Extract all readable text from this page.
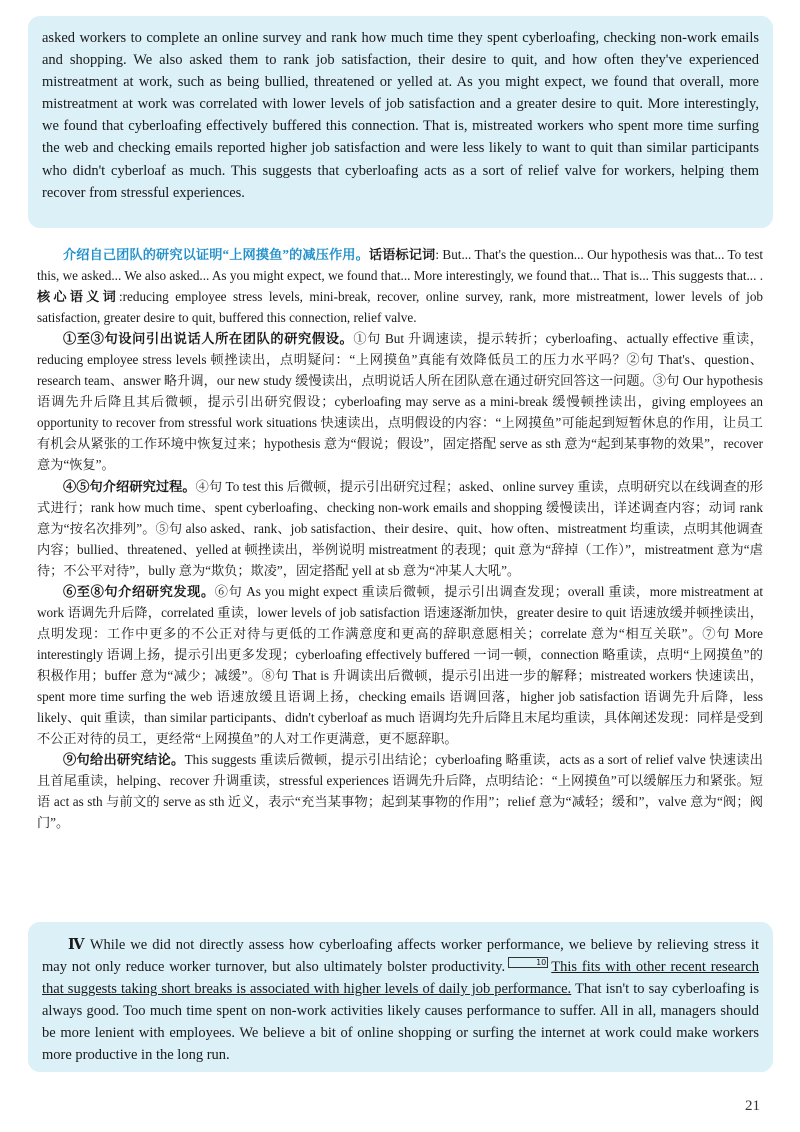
asked workers to complete an online survey and rank how much time they spent cyberloafing, checking non-work emails and shopping. We also asked them to rank job satisfaction, their desire to quit, and how often they've experienced mistreatment at work, such as being bullied, threatened or yelled at. As you might expect, we found that overall, more mistreatment at work was correlated with lower levels of job satisfaction and a greater desire to quit. More interestingly, we found that cyberloafing effectively buffered this connection. That is, mistreated workers who spent more time surfing the web and checking emails reported higher job satisfaction and were less likely to want to quit than similar participants who didn't cyberloaf as much. This suggests that cyberloafing acts as a sort of relief valve for workers, helping them recover from stressful experiences.

介绍自己团队的研究以证明“上网摸鱼”的减压作用。话语标记词: But... That's the question... Our hypothesis was that... To test this, we asked... We also asked... As you might expect, we found that... More interestingly, we found that... That is... This suggests that... . 核心语义词:reducing employee stress levels, mini-break, recover, online survey, rank, more mistreatment, lower levels of job satisfaction, greater desire to quit, buffered this connection, relief valve.

①至③句设问引出说话人所在团队的研究假设。①句 But 升调速读，提示转折；cyberloafing、actually effective 重读，reducing employee stress levels 顿挫读出，点明疑问：“上网摸鱼”真能有效降低员工的压力水平吗？②句 That's、question、research team、answer 略升调，our new study 缓慢读出，点明说话人所在团队意在通过研究回答这一问题。③句 Our hypothesis 语调先升后降且其后微顿，提示引出研究假设；cyberloafing may serve as a mini-break 缓慢顿挫读出，giving employees an opportunity to recover from stressful work situations 快速读出，点明假设的内容：“上网摸鱼”可能起到短暂休息的作用，让员工有机会从紧张的工作环境中恢复过来；hypothesis 意为“假说；假设”，固定搭配 serve as sth 意为“起到某事物的效果”，recover 意为“恢复”。

④⑤句介绍研究过程。④句 To test this 后微顿，提示引出研究过程；asked、online survey 重读，点明研究以在线调查的形式进行；rank how much time、spent cyberloafing、checking non-work emails and shopping 缓慢读出，详述调查内容；动词 rank 意为“按名次排列”。⑤句 also asked、rank、job satisfaction、their desire、quit、how often、mistreatment 均重读，点明其他调查内容；bullied、threatened、yelled at 顿挫读出，举例说明 mistreatment 的表现；quit 意为“辞掉（工作）”，mistreatment 意为“虐待；不公平对待”，bully 意为“欺负；欺凌”，固定搭配 yell at sb 意为“冲某人大吼”。

⑥至⑧句介绍研究发现。⑥句 As you might expect 重读后微顿，提示引出调查发现；overall 重读，more mistreatment at work 语调先升后降，correlated 重读，lower levels of job satisfaction 语速逐渐加快，greater desire to quit 语速放缓并顿挫读出，点明发现：工作中更多的不公正对待与更低的工作满意度和更高的辞职意愿相关；correlate 意为“相互关联”。⑦句 More interestingly 语调上扬，提示引出更多发现；cyberloafing effectively buffered 一词一顿，connection 略重读，点明“上网摸鱼”的积极作用；buffer 意为“减少；减缓”。⑧句 That is 升调读出后微顿，提示引出进一步的解释；mistreated workers 快速读出，spent more time surfing the web 语速放缓且语调上扬，checking emails 语调回落，higher job satisfaction 语调先升后降，less likely、quit 重读，than similar participants、didn't cyberloaf as much 语调均先升后降且末尾均重读，具体阐述发现：同样是受到不公正对待的员工，更经常“上网摸鱼”的人对工作更满意，更不愿辞职。

⑨句给出研究结论。This suggests 重读后微顿，提示引出结论；cyberloafing 略重读，acts as a sort of relief valve 快速读出且首尾重读，helping、recover 升调重读，stressful experiences 语调先升后降，点明结论：“上网摸鱼”可以缓解压力和紧张。短语 act as sth 与前文的 serve as sth 近义，表示“充当某事物；起到某事物的作用”；relief 意为“减轻；缓和”，valve 意为“阀；阀门”。

Ⅳ While we did not directly assess how cyberloafing affects worker performance, we believe by relieving stress it may not only reduce worker turnover, but also ultimately bolster productivity.	10 This fits with other recent research that suggests taking short breaks is associated with higher levels of daily job performance. That isn't to say cyberloafing is always good. Too much time spent on non-work activities likely causes performance to suffer. All in all, managers should be more lenient with employees. We believe a bit of online shopping or surfing the internet at work could make workers more productive in the long run.

21
